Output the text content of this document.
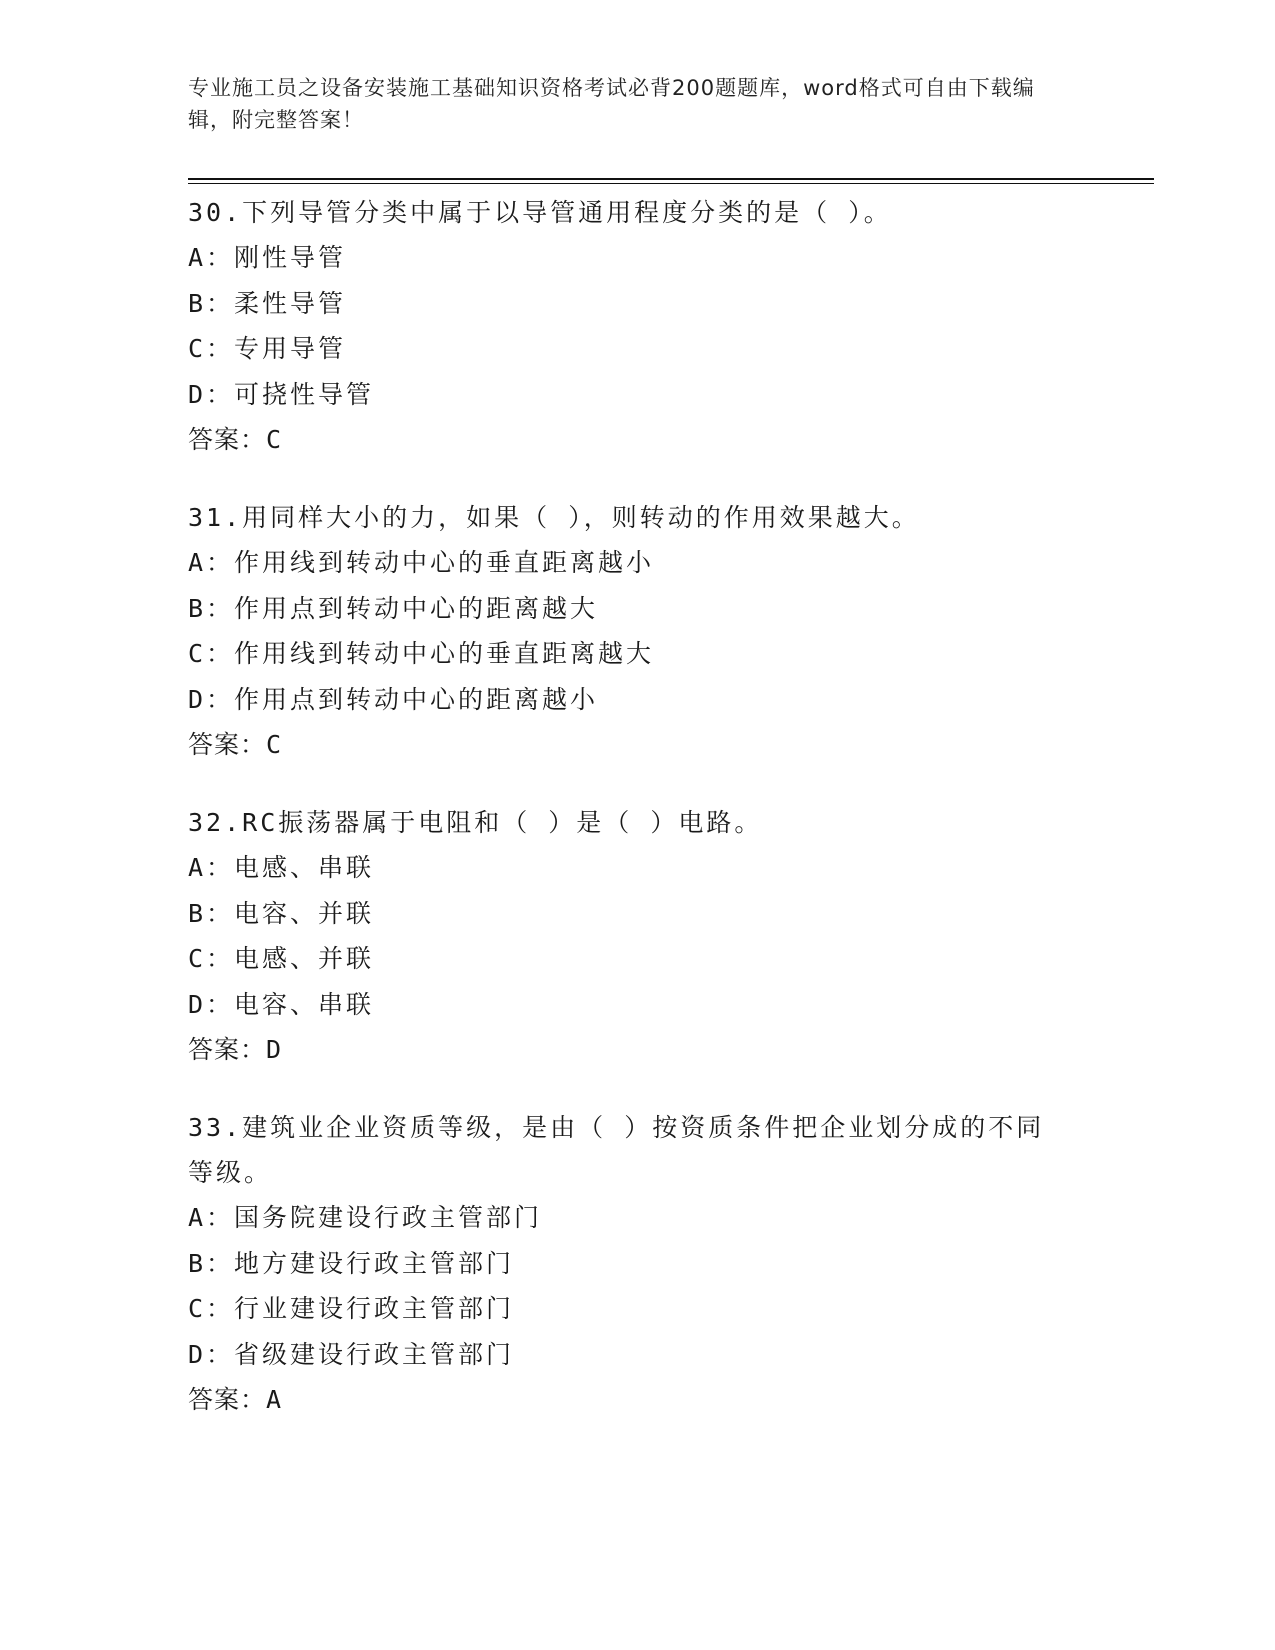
专业施工员之设备安装施工基础知识资格考试必背200题题库，word格式可自由下载编辑，附完整答案！

30.下列导管分类中属于以导管通用程度分类的是（ ）。

A：刚性导管

B：柔性导管

C：专用导管

D：可挠性导管

答案：C

31.用同样大小的力，如果（ ），则转动的作用效果越大。

A：作用线到转动中心的垂直距离越小

B：作用点到转动中心的距离越大

C：作用线到转动中心的垂直距离越大

D：作用点到转动中心的距离越小

答案：C

32.RC振荡器属于电阻和（ ）是（ ）电路。

A：电感、串联

B：电容、并联

C：电感、并联

D：电容、串联

答案：D

33.建筑业企业资质等级，是由（ ）按资质条件把企业划分成的不同等级。

A：国务院建设行政主管部门

B：地方建设行政主管部门

C：行业建设行政主管部门

D：省级建设行政主管部门

答案：A
